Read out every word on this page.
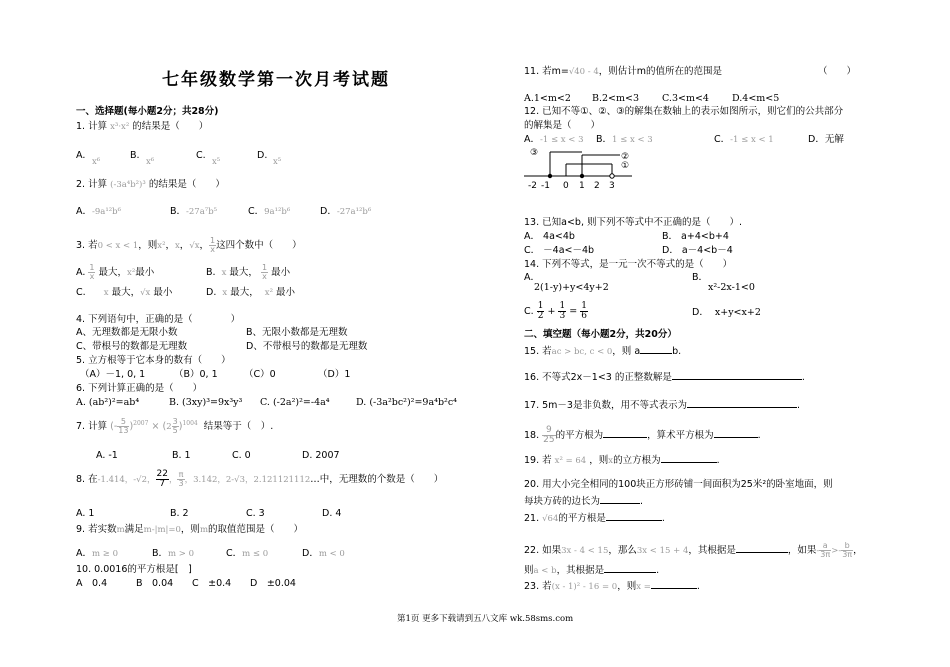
七年级数学第一次月考试题
一、选择题(每小题2分；共28分)
1. 计算 x³·x² 的结果是（　　）
A.
x⁶
B.
x⁶
C.
x⁵
D.
x⁵
2. 计算 (-3a⁴b²)³ 的结果是（　　）
A．-9a¹²b⁶	B．-27a⁷b⁵	C．9a¹²b⁶	D．-27a¹²b⁶
3. 若0 < x < 1，则x²，x，√x， $\frac{1}{x}$ 这四个数中（　　）
A. $\frac{1}{x}$ 最大，x²最小	B. x 最大， $\frac{1}{x}$ 最小
C. x 最大，√x 最小	D. x 最大， x² 最小
4. 下列语句中，正确的是（　　　　）
A、无理数都是无限小数	B、无限小数都是无理数
C、带根号的数都是无理数	D、不带根号的数都是无理数
5. 立方根等于它本身的数有（　　）
（A）－1, 0, 1	（B）0, 1	（C）0	（D）1
6. 下列计算正确的是（　　）
A. (ab²)²=ab⁴	B. (3xy)³=9x³y³ C. (-2a²)²=-4a⁴	D. (-3a²bc²)²=9a⁴b²c⁴
7. 计算 (- $\frac{5}{13} )^{2007} \times (2 \frac{3}{5} )^{1004}$ 结果等于（　）.
A. -1	B. 1	C. 0	D. 2007
8. 在-1.414，-√2， $\frac{22}{7}$ ， $\frac{\pi}{3}$ ，3.142，2-√3，2.121121112…中，无理数的个数是（　　）
A. 1	B. 2	C. 3	D. 4
9. 若实数m满足m-|m|=0，则m的取值范围是（　　）
A．m ≥ 0	B．m > 0	C．m ≤ 0	D．m < 0
10. 0.0016的平方根是[　]
A　0.4	B　0.04 C　±0.4 D　±0.04
11. 若m=√40 - 4，则估计m的值所在的范围是	（　　）
A.1<m<2 B.2<m<3 C.3<m<4 D.4<m<5
12. 已知不等①、②、③的解集在数轴上的表示如图所示，则它们的公共部分
的解集是（　　）
A．-1 ≤ x < 3 B．1 ≤ x < 3	C．-1 ≤ x < 1	D．无解
③	②
①
-2 -1 0 1 2 3
13. 已知a<b, 则下列不等式中不正确的是（　　）.
A． 4a<4b	B． a+4<b+4
C． －4a<－4b	D． a－4<b－4
14. 下列不等式，是一元一次不等式的是（　　）
A．
2(1-y)+y<4y+2
B．
x²-2x-1<0
C. $\frac{1}{2} + \frac{1}{3} = \frac{1}{6}$	D． x+y<x+2
二、填空题（每小题2分，共20分）
15. 若ac > bc, c < 0，则 a	b.
16. 不等式2x－1<3 的正整数解是	.
17. 5m－3是非负数，用不等式表示为	.
18. $\frac{9}{25}$ 的平方根为	，算术平方根为	.
19. 若 x² = 64 ，则x的立方根为	.
20. 用大小完全相同的100块正方形砖铺一间面积为25米²的卧室地面，则
每块方砖的边长为	.
21. √64的平方根是	.
22. 如果3x - 4 < 15，那么3x < 15 + 4，其根据是	，如果- $\frac{a}{3\pi} >- \frac{b}{3\pi}$ ，
则a < b，其根据是	.
23. 若(x - 1)² - 16 = 0，则x =	.
第1页 更多下载请到五八文库 wk.58sms.com
